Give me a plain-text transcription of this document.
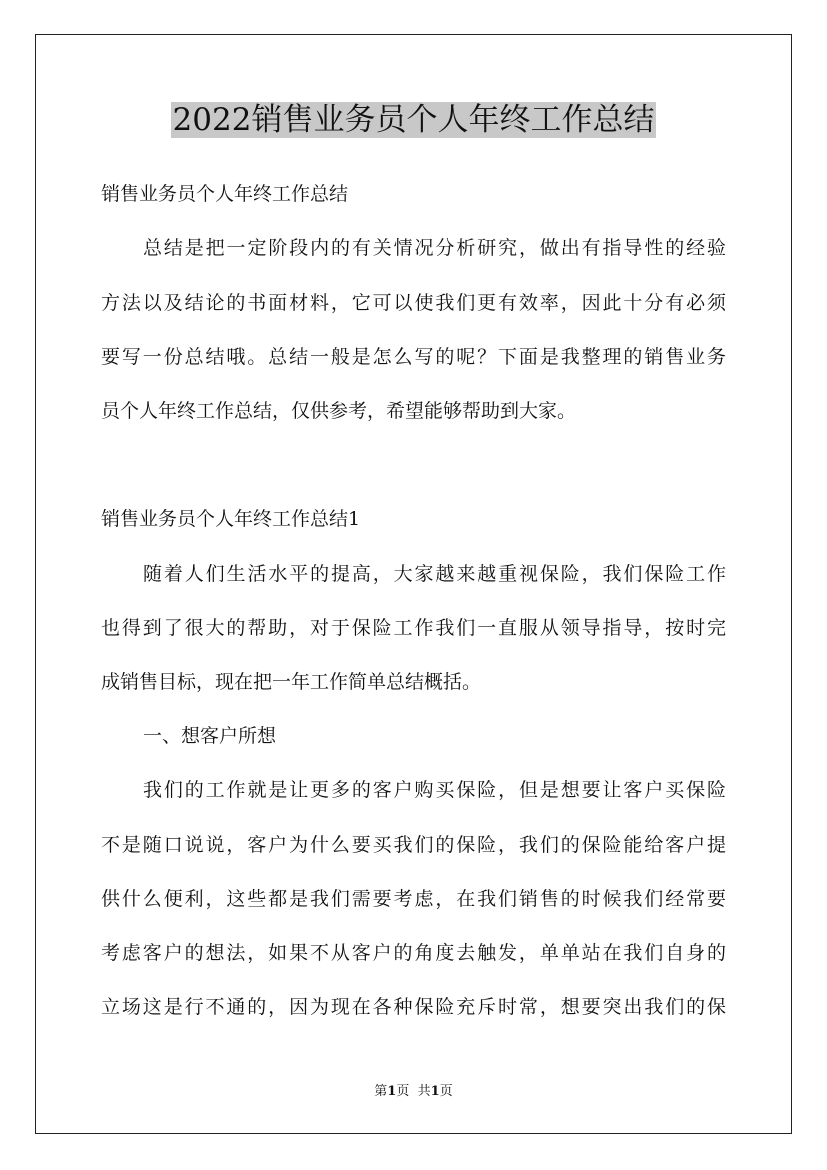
2022销售业务员个人年终工作总结
销售业务员个人年终工作总结
总结是把一定阶段内的有关情况分析研究，做出有指导性的经验
方法以及结论的书面材料，它可以使我们更有效率，因此十分有必须
要写一份总结哦。总结一般是怎么写的呢？下面是我整理的销售业务
员个人年终工作总结，仅供参考，希望能够帮助到大家。
销售业务员个人年终工作总结1
随着人们生活水平的提高，大家越来越重视保险，我们保险工作
也得到了很大的帮助，对于保险工作我们一直服从领导指导，按时完
成销售目标，现在把一年工作简单总结概括。
一、想客户所想
我们的工作就是让更多的客户购买保险，但是想要让客户买保险
不是随口说说，客户为什么要买我们的保险，我们的保险能给客户提
供什么便利，这些都是我们需要考虑，在我们销售的时候我们经常要
考虑客户的想法，如果不从客户的角度去触发，单单站在我们自身的
立场这是行不通的，因为现在各种保险充斥时常，想要突出我们的保
第1页 共1页
